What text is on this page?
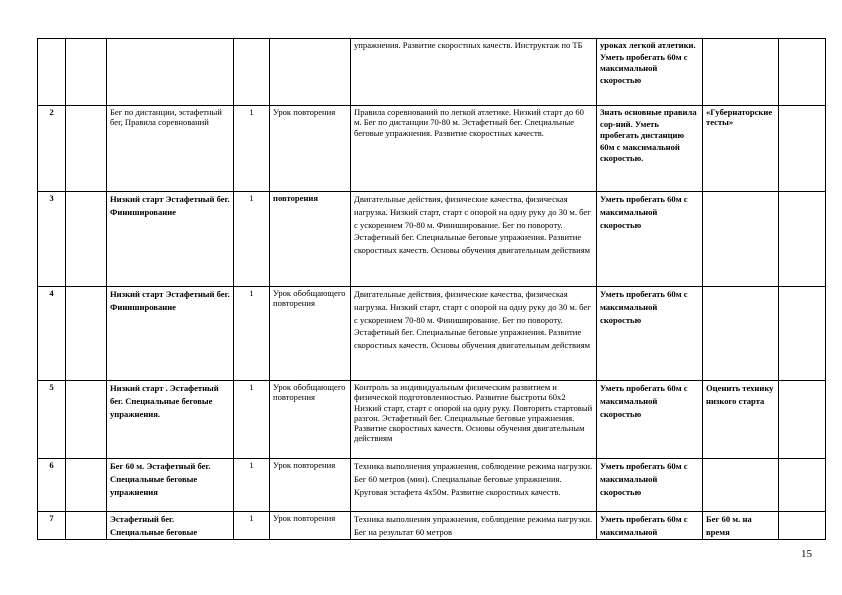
					упражнения. Развитие скоростных качеств. Инструктаж по ТБ	уроках легкой атлетики. Уметь пробегать 60м с максимальной скоростью		
2		Бег по дистанции, эстафетный бег, Правила соревнований	1	Урок повторения	Правила соревнований по легкой атлетике. Низкий старт до 60 м. Бег по дистанции 70-80 м. Эстафетный бег. Специальные беговые упражнения. Развитие скоростных качеств.	Знать основные правила сор-ний. Уметь пробегать дистанцию 60м с максимальной скоростью.	«Губернаторские тесты»	
3		Низкий старт Эстафетный бег. Финиширование	1	повторения	Двигательные действия, физические качества, физическая нагрузка. Низкий старт, старт с опорой на одну руку до 30 м. бег с ускорением 70-80 м. Финиширование. Бег по повороту. Эстафетный бег. Специальные беговые упражнения. Развитие скоростных качеств. Основы обучения двигательным действиям	Уметь пробегать 60м с максимальной скоростью		
4		Низкий старт Эстафетный бег. Финиширование	1	Урок обобщающего повторения	Двигательные действия, физические качества, физическая нагрузка. Низкий старт, старт с опорой на одну руку до 30 м. бег с ускорением 70-80 м. Финиширование. Бег по повороту. Эстафетный бег. Специальные беговые упражнения. Развитие скоростных качеств. Основы обучения двигательным действиям	Уметь пробегать 60м с максимальной скоростью		
5		Низкий старт . Эстафетный бег. Специальные беговые упражнения.	1	Урок обобщающего повторения	Контроль за индивидуальным физическим развитием и физической подготовленностью. Развитие быстроты 60х2 Низкий старт, старт с опорой на одну руку. Повторить стартовый разгон. Эстафетный бег. Специальные беговые упражнения. Развитие скоростных качеств. Основы обучения двигательным действиям	Уметь пробегать 60м с максимальной скоростью	Оценить технику низкого старта	
6		Бег 60 м. Эстафетный бег. Специальные беговые упражнения	1	Урок повторения	Техника выполнения упражнения, соблюдение режима нагрузки. Бег 60 метров (мин). Специальные беговые упражнения. Круговая эстафета 4х50м. Развитие скоростных качеств.	Уметь пробегать 60м с максимальной скоростью		
7		Эстафетный бег. Специальные беговые	1	Урок повторения	Техника выполнения упражнения, соблюдение режима нагрузки. Бег на результат 60 метров	Уметь пробегать 60м с максимальной	Бег 60 м. на время	
15
